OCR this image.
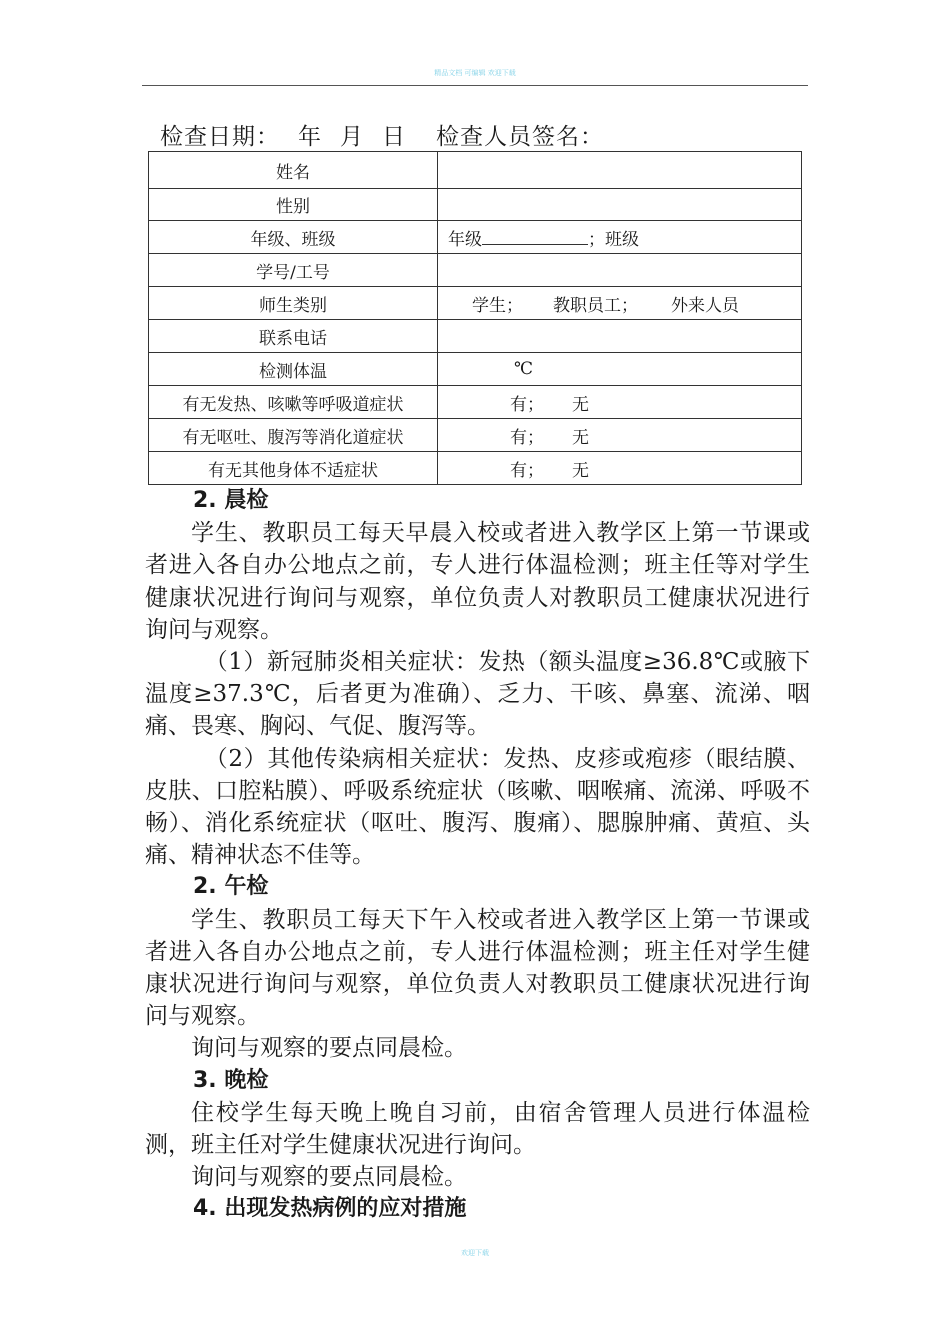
精品文档 可编辑 欢迎下载
检查日期： 年 月 日 检查人员签名：
姓名	
性别	
年级、班级	年级 ；班级
学号/工号	
师生类别	学生； 教职员工； 外来人员
联系电话	
检测体温	℃
有无发热、咳嗽等呼吸道症状	有； 无
有无呕吐、腹泻等消化道症状	有； 无
有无其他身体不适症状	有； 无

2. 晨检

学生、教职员工每天早晨入校或者进入教学区上第一节课或者进入各自办公地点之前，专人进行体温检测；班主任等对学生健康状况进行询问与观察，单位负责人对教职员工健康状况进行询问与观察。

（1）新冠肺炎相关症状：发热（额头温度≥36.8℃或腋下温度≥37.3℃，后者更为准确）、乏力、干咳、鼻塞、流涕、咽痛、畏寒、胸闷、气促、腹泻等。

（2）其他传染病相关症状：发热、皮疹或疱疹（眼结膜、皮肤、口腔粘膜）、呼吸系统症状（咳嗽、咽喉痛、流涕、呼吸不畅）、消化系统症状（呕吐、腹泻、腹痛）、腮腺肿痛、黄疸、头痛、精神状态不佳等。

2. 午检

学生、教职员工每天下午入校或者进入教学区上第一节课或者进入各自办公地点之前，专人进行体温检测；班主任对学生健康状况进行询问与观察，单位负责人对教职员工健康状况进行询问与观察。

询问与观察的要点同晨检。

3. 晚检

住校学生每天晚上晚自习前，由宿舍管理人员进行体温检测，班主任对学生健康状况进行询问。

询问与观察的要点同晨检。

4. 出现发热病例的应对措施

欢迎下载
